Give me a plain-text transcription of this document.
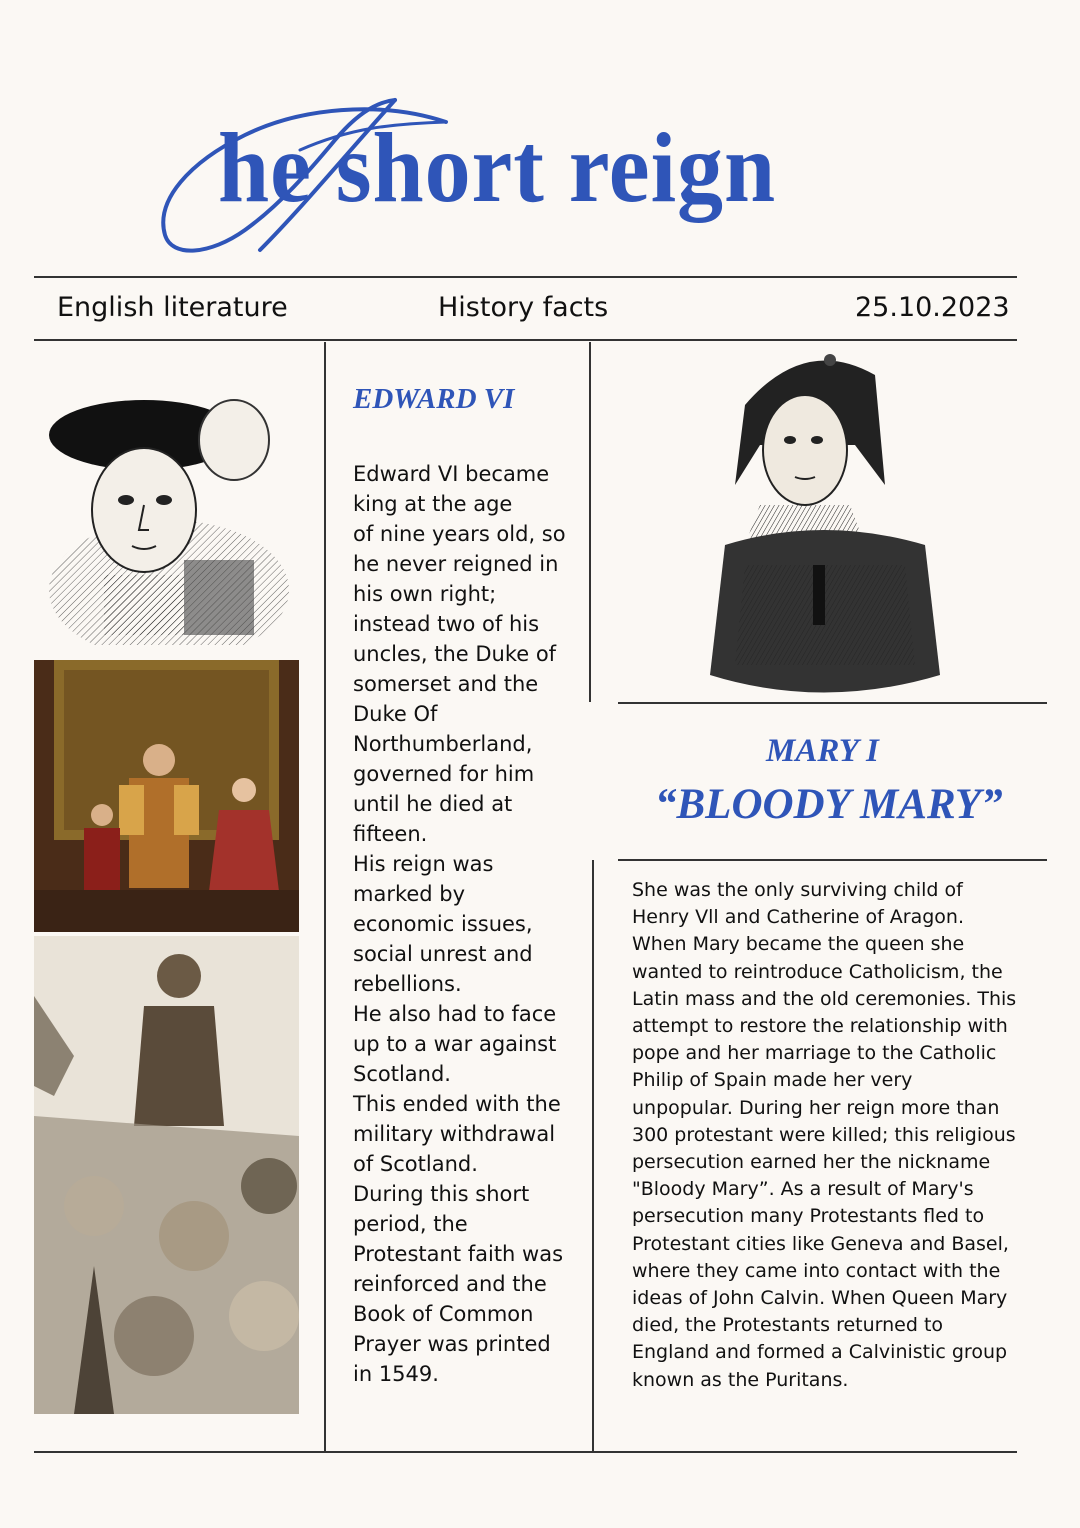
he short reign
English literature	History facts	25.10.2023
EDWARD VI
Edward VI became
king at the age
of nine years old, so
he never reigned in
his own right;
instead two of his
uncles, the Duke of
somerset and the
Duke Of
Northumberland,
governed for him
until he died at
fifteen.
His reign was
marked by
economic issues,
social unrest and
rebellions.
He also had to face
up to a war against
Scotland.
This ended with the
military withdrawal
of Scotland.
During this short
period, the
Protestant faith was
reinforced and the
Book of Common
Prayer was printed
in 1549.
MARY I
“BLOODY MARY”
She was the only surviving child of
Henry Vll and Catherine of Aragon.
When Mary became the queen she
wanted to reintroduce Catholicism, the
Latin mass and the old ceremonies. This
attempt to restore the relationship with
pope and her marriage to the Catholic
Philip of Spain made her very
unpopular. During her reign more than
300 protestant were killed; this religious
persecution earned her the nickname
"Bloody Mary”. As a result of Mary's
persecution many Protestants fled to
Protestant cities like Geneva and Basel,
where they came into contact with the
ideas of John Calvin. When Queen Mary
died, the Protestants returned to
England and formed a Calvinistic group
known as the Puritans.
